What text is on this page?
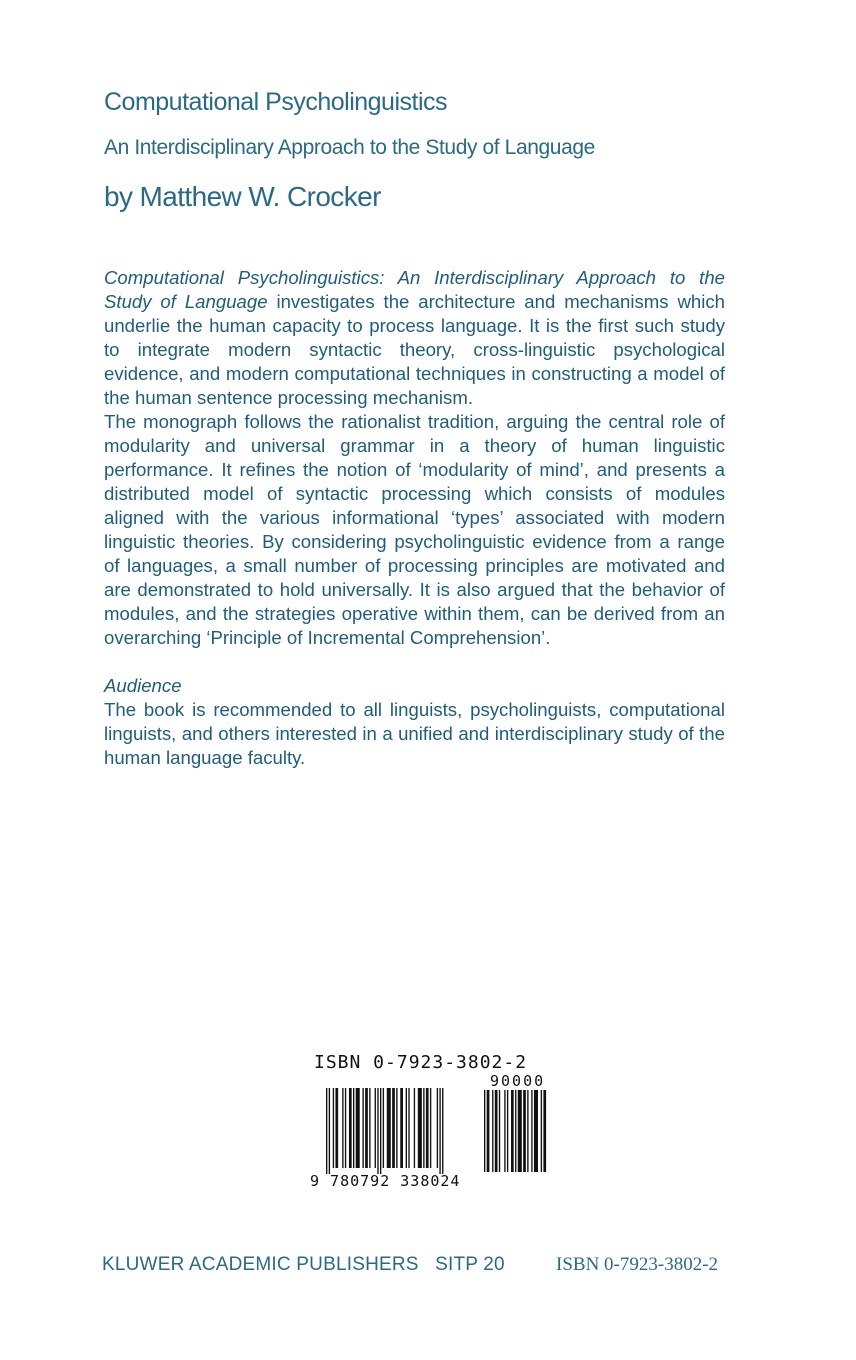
Computational Psycholinguistics
An Interdisciplinary Approach to the Study of Language
by Matthew W. Crocker

Computational Psycholinguistics: An Interdisciplinary Approach to the Study of Language investigates the architecture and mechanisms which underlie the human capacity to process language. It is the first such study to integrate modern syntactic theory, cross-linguistic psychological evidence, and modern computational techniques in constructing a model of the human sentence processing mechanism.

The monograph follows the rationalist tradition, arguing the central role of modularity and universal grammar in a theory of human linguistic performance. It refines the notion of ‘modularity of mind’, and presents a distributed model of syntactic processing which consists of modules aligned with the various informational ‘types’ associated with modern linguistic theories. By considering psycholinguistic evidence from a range of languages, a small number of processing principles are motivated and are demonstrated to hold universally. It is also argued that the behavior of modules, and the strategies operative within them, can be derived from an overarching ‘Principle of Incremental Comprehension’.

Audience

The book is recommended to all linguists, psycholinguists, computational linguists, and others interested in a unified and interdisciplinary study of the human language faculty.

ISBN 0-7923-3802-2
90000
9 780792 338024

KLUWER ACADEMIC PUBLISHERS   SITP 20	ISBN 0-7923-3802-2
